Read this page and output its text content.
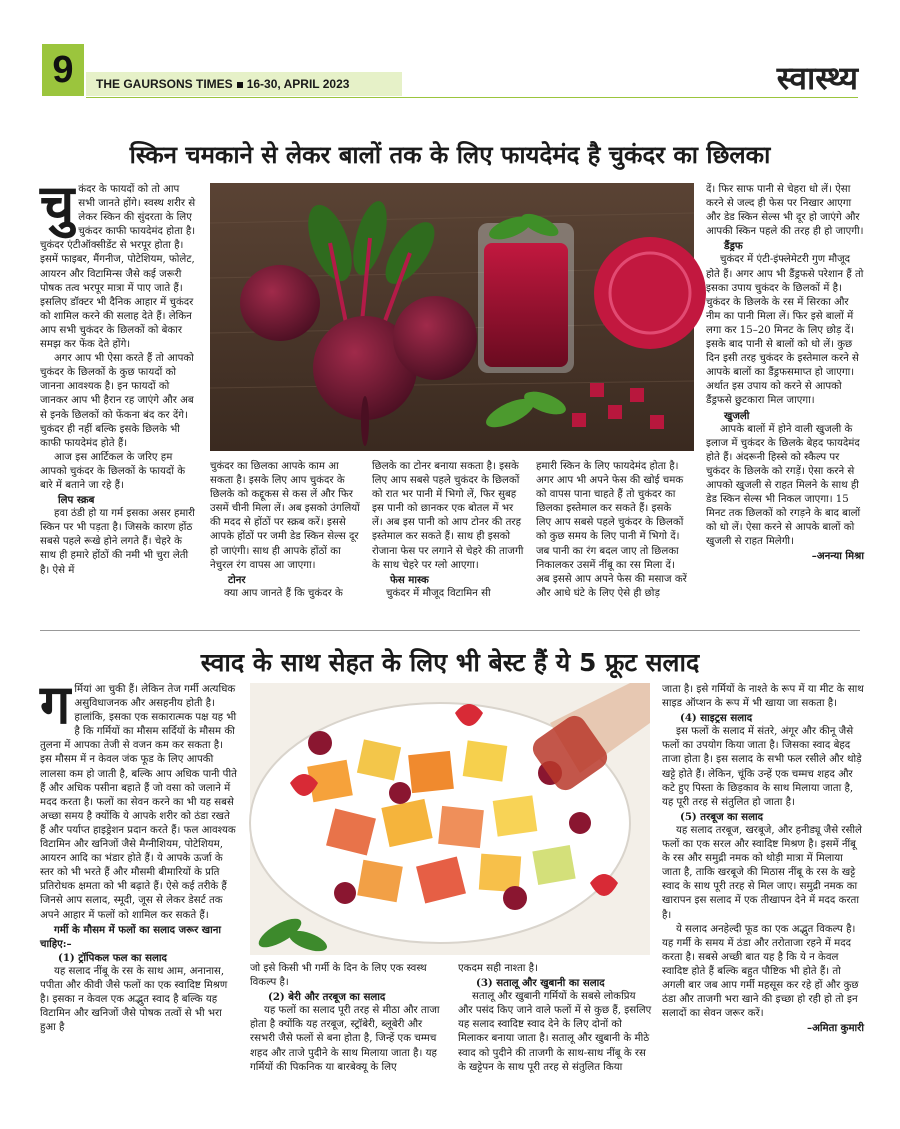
9	THE GAURSONS TIMES 16-30, APRIL 2023	स्वास्थ्य
स्किन चमकाने से लेकर बालों तक के लिए फायदेमंद है चुकंदर का छिलका

चुकंदर के फायदों को तो आप सभी जानते होंगे। स्वस्थ शरीर से लेकर स्किन की सुंदरता के लिए चुकंदर काफी फायदेमंद होता है। चुकंदर एंटीऑक्सीडेंट से भरपूर होता है। इसमें फाइबर, मैंगनीज, पोटेशियम, फोलेट, आयरन और विटामिन्स जैसे कई जरूरी पोषक तत्व भरपूर मात्रा में पाए जाते हैं। इसलिए डॉक्टर भी दैनिक आहार में चुकंदर को शामिल करने की सलाह देते हैं। लेकिन आप सभी चुकंदर के छिलकों को बेकार समझ कर फेंक देते होंगे।

अगर आप भी ऐसा करते हैं तो आपको चुकंदर के छिलकों के कुछ फायदों को जानना आवश्यक है। इन फायदों को जानकर आप भी हैरान रह जाएंगे और अब से इनके छिलकों को फेंकना बंद कर देंगे। चुकंदर ही नहीं बल्कि इसके छिलके भी काफी फायदेमंद होते हैं।

आज इस आर्टिकल के जरिए हम आपको चुकंदर के छिलकों के फायदों के बारे में बताने जा रहे हैं।

लिप स्क्रब

हवा ठंडी हो या गर्म इसका असर हमारी स्किन पर भी पड़ता है। जिसके कारण होंठ सबसे पहले रूखे होने लगते हैं। चेहरे के साथ ही हमारे होंठों की नमी भी चुरा लेती है। ऐसे में

चुकंदर का छिलका आपके काम आ सकता है। इसके लिए आप चुकंदर के छिलके को कद्दूकस से कस लें और फिर उसमें चीनी मिला लें। अब इसको उंगलियों की मदद से होंठों पर स्क्रब करें। इससे आपके होंठों पर जमी डेड स्किन सेल्स दूर हो जाएंगी। साथ ही आपके होंठों का नेचुरल रंग वापस आ जाएगा।

टोनर

क्या आप जानते हैं कि चुकंदर के

छिलके का टोनर बनाया सकता है। इसके लिए आप सबसे पहले चुकंदर के छिलकों को रात भर पानी में भिगो लें, फिर सुबह इस पानी को छानकर एक बोतल में भर लें। अब इस पानी को आप टोनर की तरह इस्तेमाल कर सकते हैं। साथ ही इसको रोजाना फेस पर लगाने से चेहरे की ताजगी के साथ चेहरे पर ग्लो आएगा।

फेस मास्क

चुकंदर में मौजूद विटामिन सी

हमारी स्किन के लिए फायदेमंद होता है। अगर आप भी अपने फेस की खोई चमक को वापस पाना चाहते हैं तो चुकंदर का छिलका इस्तेमाल कर सकते हैं। इसके लिए आप सबसे पहले चुकंदर के छिलकों को कुछ समय के लिए पानी में भिगो दें। जब पानी का रंग बदल जाए तो छिलका निकालकर उसमें नींबू का रस मिला दें। अब इससे आप अपने फेस की मसाज करें और आधे घंटे के लिए ऐसे ही छोड़

दें। फिर साफ पानी से चेहरा धो लें। ऐसा करने से जल्द ही फेस पर निखार आएगा और डेड स्किन सेल्स भी दूर हो जाएंगे और आपकी स्किन पहले की तरह ही हो जाएगी।

डैंड्रफ

चुकंदर में एंटी-इंफ्लेमेटरी गुण मौजूद होते हैं। अगर आप भी डैंड्रफसे परेशान हैं तो इसका उपाय चुकंदर के छिलकों में है। चुकंदर के छिलके के रस में सिरका और नीम का पानी मिला लें। फिर इसे बालों में लगा कर 15–20 मिनट के लिए छोड़ दें। इसके बाद पानी से बालों को धो लें। कुछ दिन इसी तरह चुकंदर के इस्तेमाल करने से आपके बालों का डैंड्रफसमाप्त हो जाएगा। अर्थात इस उपाय को करने से आपको डैंड्रफसे छुटकारा मिल जाएगा।

खुजली

आपके बालों में होने वाली खुजली के इलाज में चुकंदर के छिलके बेहद फायदेमंद होते हैं। अंदरूनी हिस्से को स्कैल्प पर चुकंदर के छिलके को रगड़ें। ऐसा करने से आपको खुजली से राहत मिलने के साथ ही डेड स्किन सेल्स भी निकल जाएगा। 15 मिनट तक छिलकों को रगड़ने के बाद बालों को धो लें। ऐसा करने से आपके बालों को खुजली से राहत मिलेगी।

–अनन्या मिश्रा

स्वाद के साथ सेहत के लिए भी बेस्ट हैं ये 5 फ्रूट सलाद

गर्मियां आ चुकी हैं। लेकिन तेज गर्मी अत्यधिक असुविधाजनक और असहनीय होती है। हालांकि, इसका एक सकारात्मक पक्ष यह भी है कि गर्मियों का मौसम सर्दियों के मौसम की तुलना में आपका तेजी से वजन कम कर सकता है। इस मौसम में न केवल जंक फूड के लिए आपकी लालसा कम हो जाती है, बल्कि आप अधिक पानी पीते हैं और अधिक पसीना बहाते हैं जो वसा को जलाने में मदद करता है। फलों का सेवन करने का भी यह सबसे अच्छा समय है क्योंकि ये आपके शरीर को ठंडा रखते हैं और पर्याप्त हाइड्रेशन प्रदान करते हैं। फल आवश्यक विटामिन और खनिजों जैसे मैग्नीशियम, पोटेशियम, आयरन आदि का भंडार होते हैं। ये आपके ऊर्जा के स्तर को भी भरते हैं और मौसमी बीमारियों के प्रति प्रतिरोधक क्षमता को भी बढ़ाते हैं। ऐसे कई तरीके हैं जिनसे आप सलाद, स्मूदी, जूस से लेकर डेसर्ट तक अपने आहार में फलों को शामिल कर सकते हैं।

गर्मी के मौसम में फलों का सलाद जरूर खाना चाहिए:–

(1) ट्रॉपिकल फल का सलाद

यह सलाद नींबू के रस के साथ आम, अनानास, पपीता और कीवी जैसे फलों का एक स्वादिष्ट मिश्रण है। इसका न केवल एक अद्भुत स्वाद है बल्कि यह विटामिन और खनिजों जैसे पोषक तत्वों से भी भरा हुआ है

जो इसे किसी भी गर्मी के दिन के लिए एक स्वस्थ विकल्प है।

(2) बेरी और तरबूज का सलाद

यह फलों का सलाद पूरी तरह से मीठा और ताजा होता है क्योंकि यह तरबूज, स्ट्रॉबेरी, ब्लूबेरी और रसभरी जैसे फलों से बना होता है, जिन्हें एक चम्मच शहद और ताजे पुदीने के साथ मिलाया जाता है। यह गर्मियों की पिकनिक या बारबेक्यू के लिए

एकदम सही नाश्ता है।

(3) सतालू और खुबानी का सलाद

सतालू और खुबानी गर्मियों के सबसे लोकप्रिय और पसंद किए जाने वाले फलों में से कुछ हैं, इसलिए यह सलाद स्वादिष्ट स्वाद देने के लिए दोनों को मिलाकर बनाया जाता है। सतालू और खुबानी के मीठे स्वाद को पुदीने की ताजगी के साथ-साथ नींबू के रस के खट्टेपन के साथ पूरी तरह से संतुलित किया

जाता है। इसे गर्मियों के नाश्ते के रूप में या मीट के साथ साइड ऑप्शन के रूप में भी खाया जा सकता है।

(4) साइट्रस सलाद

इस फलों के सलाद में संतरे, अंगूर और कीनू जैसे फलों का उपयोग किया जाता है। जिसका स्वाद बेहद ताजा होता है। इस सलाद के सभी फल रसीले और थोड़े खट्टे होते हैं। लेकिन, चूंकि उन्हें एक चम्मच शहद और कटे हुए पिस्ता के छिड़काव के साथ मिलाया जाता है, यह पूरी तरह से संतुलित हो जाता है।

(5) तरबूज का सलाद

यह सलाद तरबूज, खरबूजे, और हनीड्यू जैसे रसीले फलों का एक सरल और स्वादिष्ट मिश्रण है। इसमें नींबू के रस और समुद्री नमक को थोड़ी मात्रा में मिलाया जाता है, ताकि खरबूजे की मिठास नींबू के रस के खट्टे स्वाद के साथ पूरी तरह से मिल जाए। समुद्री नमक का खारापन इस सलाद में एक तीखापन देने में मदद करता है।

ये सलाद अनहेल्दी फूड का एक अद्भुत विकल्प है। यह गर्मी के समय में ठंडा और तरोताजा रहने में मदद करता है। सबसे अच्छी बात यह है कि ये न केवल स्वादिष्ट होते हैं बल्कि बहुत पौष्टिक भी होते हैं। तो अगली बार जब आप गर्मी महसूस कर रहे हों और कुछ ठंडा और ताजगी भरा खाने की इच्छा हो रही हो तो इन सलादों का सेवन जरूर करें।

–अमिता कुमारी
